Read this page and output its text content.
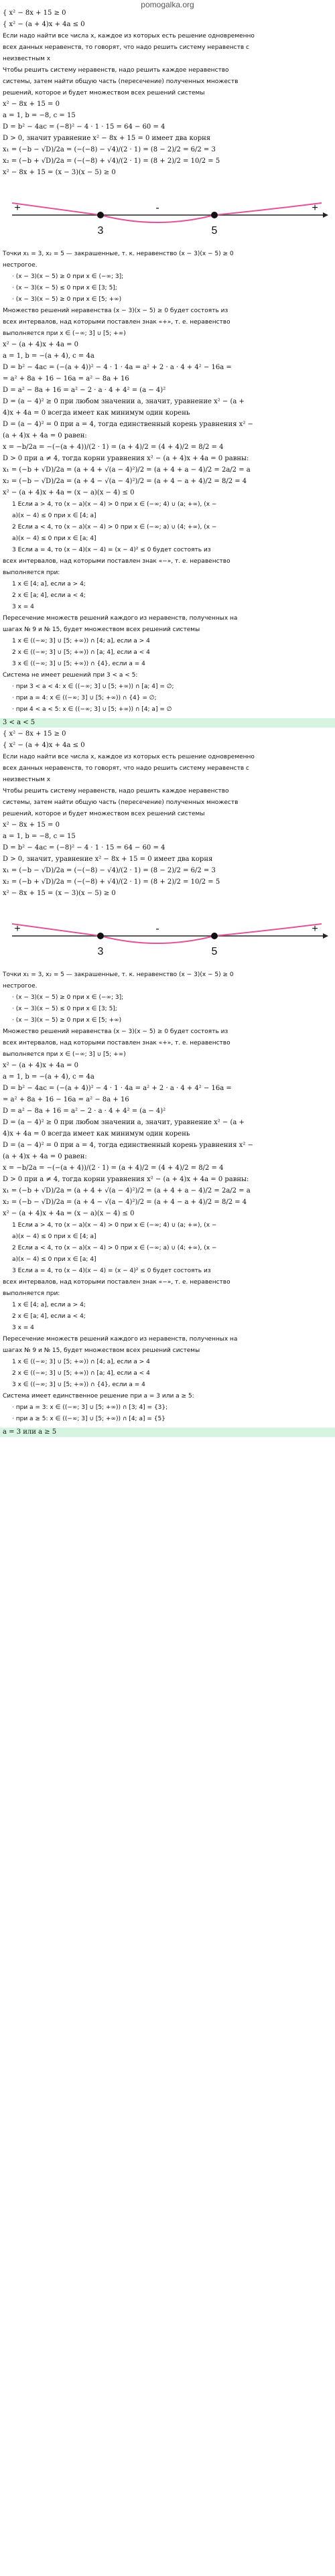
pomogalka.org
+	-	+
3	5
3 < a < 5
+	-	+
3	5
a = 3 или a ≥ 5
{ x² − 8x + 15 ≥ 0
{ x² − (a + 4)x + 4a ≤ 0
Если надо найти все числа x, каждое из которых есть решение одновременно
всех данных неравенств, то говорят, что надо решить систему неравенств с
неизвестным x
Чтобы решить систему неравенств, надо решить каждое неравенство
системы, затем найти общую часть (пересечение) полученных множеств
решений, которое и будет множеством всех решений системы
x² − 8x + 15 = 0
a = 1, b = −8, c = 15
D = b² − 4ac = (−8)² − 4 · 1 · 15 = 64 − 60 = 4
D > 0, значит уравнение x² − 8x + 15 = 0 имеет два корня
x₁ = (−b − √D)/2a = (−(−8) − √4)/(2 · 1) = (8 − 2)/2 = 6/2 = 3
x₂ = (−b + √D)/2a = (−(−8) + √4)/(2 · 1) = (8 + 2)/2 = 10/2 = 5
x² − 8x + 15 = (x − 3)(x − 5) ≥ 0
Точки x₁ = 3, x₂ = 5 — закрашенные, т. к. неравенство (x − 3)(x − 5) ≥ 0
нестрогое.
· (x − 3)(x − 5) ≥ 0 при x ∈ (−∞; 3];
· (x − 3)(x − 5) ≤ 0 при x ∈ [3; 5];
· (x − 3)(x − 5) ≥ 0 при x ∈ [5; +∞)
Множество решений неравенства (x − 3)(x − 5) ≥ 0 будет состоять из
всех интервалов, над которыми поставлен знак «+», т. е. неравенство
выполняется при x ∈ (−∞; 3] ∪ [5; +∞)
x² − (a + 4)x + 4a = 0
a = 1, b = −(a + 4), c = 4a
D = b² − 4ac = (−(a + 4))² − 4 · 1 · 4a = a² + 2 · a · 4 + 4² − 16a =
= a² + 8a + 16 − 16a = a² − 8a + 16
D = a² − 8a + 16 = a² − 2 · a · 4 + 4² = (a − 4)²
D = (a − 4)² ≥ 0 при любом значении a, значит, уравнение x² − (a +
4)x + 4a = 0 всегда имеет как минимум один корень
D = (a − 4)² = 0 при a = 4, тогда единственный корень уравнения x² −
(a + 4)x + 4a = 0 равен:
x = −b/2a = −(−(a + 4))/(2 · 1) = (a + 4)/2 = (4 + 4)/2 = 8/2 = 4
D > 0 при a ≠ 4, тогда корни уравнения x² − (a + 4)x + 4a = 0 равны:
x₁ = (−b + √D)/2a = (a + 4 + √(a − 4)²)/2 = (a + 4 + a − 4)/2 = 2a/2 = a
x₂ = (−b − √D)/2a = (a + 4 − √(a − 4)²)/2 = (a + 4 − a + 4)/2 = 8/2 = 4
x² − (a + 4)x + 4a = (x − a)(x − 4) ≤ 0
1 Если a > 4, то (x − a)(x − 4) > 0 при x ∈ (−∞; 4) ∪ (a; +∞), (x −
a)(x − 4) ≤ 0 при x ∈ [4; a]
2 Если a < 4, то (x − a)(x − 4) > 0 при x ∈ (−∞; a) ∪ (4; +∞), (x −
a)(x − 4) ≤ 0 при x ∈ [a; 4]
3 Если a = 4, то (x − 4)(x − 4) = (x − 4)² ≤ 0 будет состоять из
всех интервалов, над которыми поставлен знак «−», т. е. неравенство
выполняется при:
1 x ∈ [4; a], если a > 4;
2 x ∈ [a; 4], если a < 4;
3 x = 4
Пересечение множеств решений каждого из неравенств, полученных на
шагах № 9 и № 15, будет множеством всех решений системы
1 x ∈ ((−∞; 3] ∪ [5; +∞)) ∩ [4; a], если a > 4
2 x ∈ ((−∞; 3] ∪ [5; +∞)) ∩ [a; 4], если a < 4
3 x ∈ ((−∞; 3] ∪ [5; +∞)) ∩ {4}, если a = 4
Система не имеет решений при 3 < a < 5:
· при 3 < a < 4: x ∈ ((−∞; 3] ∪ [5; +∞)) ∩ [a; 4] = ∅;
· при a = 4: x ∈ ((−∞; 3] ∪ [5; +∞)) ∩ {4} = ∅;
· при 4 < a < 5: x ∈ ((−∞; 3] ∪ [5; +∞)) ∩ [4; a] = ∅
{ x² − 8x + 15 ≥ 0
{ x² − (a + 4)x + 4a ≤ 0
Если надо найти все числа x, каждое из которых есть решение одновременно
всех данных неравенств, то говорят, что надо решить систему неравенств с
неизвестным x
Чтобы решить систему неравенств, надо решить каждое неравенство
системы, затем найти общую часть (пересечение) полученных множеств
решений, которое и будет множеством всех решений системы
x² − 8x + 15 = 0
a = 1, b = −8, c = 15
D = b² − 4ac = (−8)² − 4 · 1 · 15 = 64 − 60 = 4
D > 0, значит, уравнение x² − 8x + 15 = 0 имеет два корня
x₁ = (−b − √D)/2a = (−(−8) − √4)/(2 · 1) = (8 − 2)/2 = 6/2 = 3
x₂ = (−b + √D)/2a = (−(−8) + √4)/(2 · 1) = (8 + 2)/2 = 10/2 = 5
x² − 8x + 15 = (x − 3)(x − 5) ≥ 0
Точки x₁ = 3, x₂ = 5 — закрашенные, т. к. неравенство (x − 3)(x − 5) ≥ 0
нестрогое.
· (x − 3)(x − 5) ≥ 0 при x ∈ (−∞; 3];
· (x − 3)(x − 5) ≤ 0 при x ∈ [3; 5];
· (x − 3)(x − 5) ≥ 0 при x ∈ [5; +∞)
Множество решений неравенства (x − 3)(x − 5) ≥ 0 будет состоять из
всех интервалов, над которыми поставлен знак «+», т. е. неравенство
выполняется при x ∈ (−∞; 3] ∪ [5; +∞)
x² − (a + 4)x + 4a = 0
a = 1, b = −(a + 4), c = 4a
D = b² − 4ac = (−(a + 4))² − 4 · 1 · 4a = a² + 2 · a · 4 + 4² − 16a =
= a² + 8a + 16 − 16a = a² − 8a + 16
D = a² − 8a + 16 = a² − 2 · a · 4 + 4² = (a − 4)²
D = (a − 4)² ≥ 0 при любом значении a, значит, уравнение x² − (a +
4)x + 4a = 0 всегда имеет как минимум один корень
D = (a − 4)² = 0 при a = 4, тогда единственный корень уравнения x² −
(a + 4)x + 4a = 0 равен:
x = −b/2a = −(−(a + 4))/(2 · 1) = (a + 4)/2 = (4 + 4)/2 = 8/2 = 4
D > 0 при a ≠ 4, тогда корни уравнения x² − (a + 4)x + 4a = 0 равны:
x₁ = (−b + √D)/2a = (a + 4 + √(a − 4)²)/2 = (a + 4 + a − 4)/2 = 2a/2 = a
x₂ = (−b − √D)/2a = (a + 4 − √(a − 4)²)/2 = (a + 4 − a + 4)/2 = 8/2 = 4
x² − (a + 4)x + 4a = (x − a)(x − 4) ≤ 0
1 Если a > 4, то (x − a)(x − 4) > 0 при x ∈ (−∞; 4) ∪ (a; +∞), (x −
a)(x − 4) ≤ 0 при x ∈ [4; a]
2 Если a < 4, то (x − a)(x − 4) > 0 при x ∈ (−∞; a) ∪ (4; +∞), (x −
a)(x − 4) ≤ 0 при x ∈ [a; 4]
3 Если a = 4, то (x − 4)(x − 4) = (x − 4)² ≤ 0 будет состоять из
всех интервалов, над которыми поставлен знак «−», т. е. неравенство
выполняется при:
1 x ∈ [4; a], если a > 4;
2 x ∈ [a; 4], если a < 4;
3 x = 4
Пересечение множеств решений каждого из неравенств, полученных на
шагах № 9 и № 15, будет множеством всех решений системы
1 x ∈ ((−∞; 3] ∪ [5; +∞)) ∩ [4; a], если a > 4
2 x ∈ ((−∞; 3] ∪ [5; +∞)) ∩ [a; 4], если a < 4
3 x ∈ ((−∞; 3] ∪ [5; +∞)) ∩ {4}, если a = 4
Система имеет единственное решение при a = 3 или a ≥ 5:
· при a = 3: x ∈ ((−∞; 3] ∪ [5; +∞)) ∩ [3; 4] = {3};
· при a ≥ 5: x ∈ ((−∞; 3] ∪ [5; +∞)) ∩ [4; a] = {5}
